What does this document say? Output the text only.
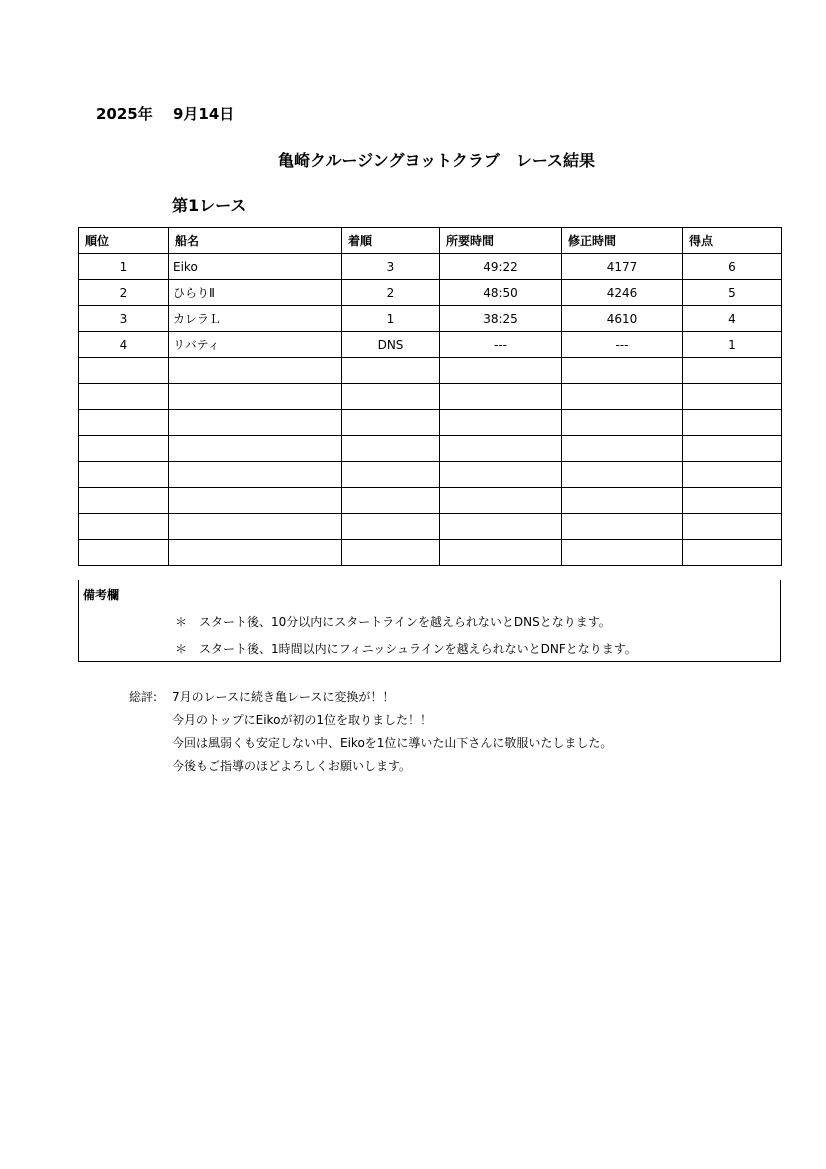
2025年　 9月14日
亀崎クルージングヨットクラブ　レース結果
第1レース
順位	船名	着順	所要時間	修正時間	得点
1	Eiko	3	49:22	4177	6
2	ひらりⅡ	2	48:50	4246	5
3	カレラＬ	1	38:25	4610	4
4	リバティ	DNS	---	---	1

備考欄
＊　スタート後、10分以内にスタートラインを越えられないとDNSとなります。
＊　スタート後、1時間以内にフィニッシュラインを越えられないとDNFとなります。
総評: 7月のレースに続き亀レースに変換が！！
今月のトップにEikoが初の1位を取りました！！
今回は風弱くも安定しない中、Eikoを1位に導いた山下さんに敬服いたしました。
今後もご指導のほどよろしくお願いします。
